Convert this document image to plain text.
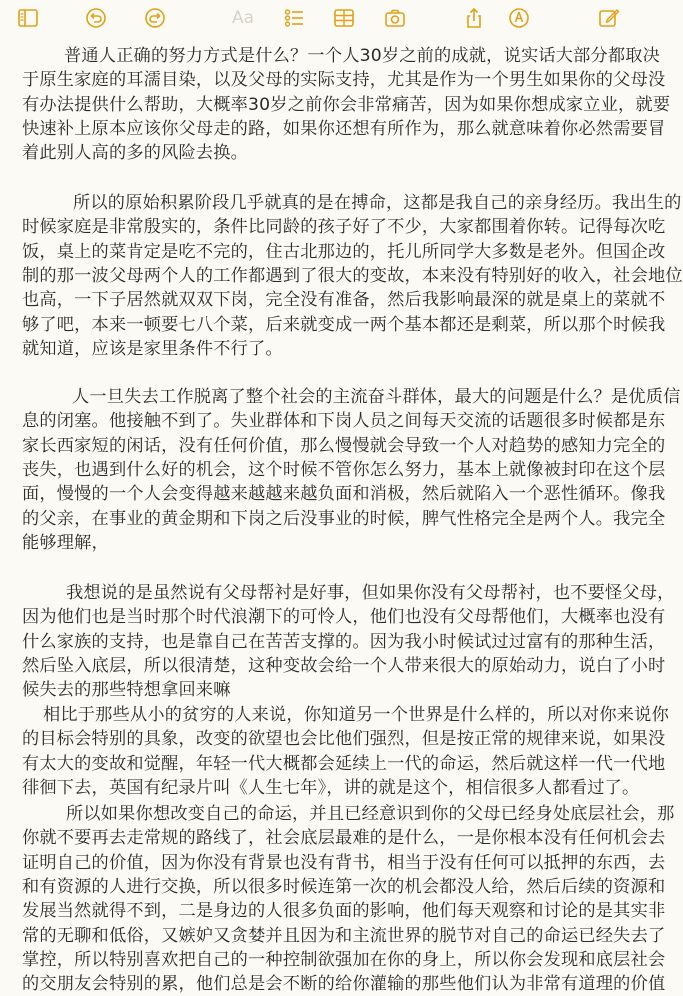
Aa
普通人正确的努力方式是什么？一个人30岁之前的成就，说实话大部分都取决
于原生家庭的耳濡目染，以及父母的实际支持，尤其是作为一个男生如果你的父母没
有办法提供什么帮助，大概率30岁之前你会非常痛苦，因为如果你想成家立业，就要
快速补上原本应该你父母走的路，如果你还想有所作为，那么就意味着你必然需要冒
着此别人高的多的风险去换。
所以的原始积累阶段几乎就真的是在搏命，这都是我自己的亲身经历。我出生的
时候家庭是非常殷实的，条件比同龄的孩子好了不少，大家都围着你转。记得每次吃
饭，桌上的菜肯定是吃不完的，住古北那边的，托儿所同学大多数是老外。但国企改
制的那一波父母两个人的工作都遇到了很大的变故，本来没有特别好的收入，社会地位
也高，一下子居然就双双下岗，完全没有准备，然后我影响最深的就是桌上的菜就不
够了吧，本来一顿要七八个菜，后来就变成一两个基本都还是剩菜，所以那个时候我
就知道，应该是家里条件不行了。
人一旦失去工作脱离了整个社会的主流奋斗群体，最大的问题是什么？是优质信
息的闭塞。他接触不到了。失业群体和下岗人员之间每天交流的话题很多时候都是东
家长西家短的闲话，没有任何价值，那么慢慢就会导致一个人对趋势的感知力完全的
丧失，也遇到什么好的机会，这个时候不管你怎么努力，基本上就像被封印在这个层
面，慢慢的一个人会变得越来越越来越负面和消极，然后就陷入一个恶性循环。像我
的父亲，在事业的黄金期和下岗之后没事业的时候，脾气性格完全是两个人。我完全
能够理解，
我想说的是虽然说有父母帮衬是好事，但如果你没有父母帮衬，也不要怪父母，
因为他们也是当时那个时代浪潮下的可怜人，他们也没有父母帮他们，大概率也没有
什么家族的支持，也是靠自己在苦苦支撑的。因为我小时候试过过富有的那种生活，
然后坠入底层，所以很清楚，这种变故会给一个人带来很大的原始动力，说白了小时
候失去的那些特想拿回来嘛
相比于那些从小的贫穷的人来说，你知道另一个世界是什么样的，所以对你来说你
的目标会特别的具象，改变的欲望也会比他们强烈，但是按正常的规律来说，如果没
有太大的变故和觉醒，年轻一代大概都会延续上一代的命运，然后就这样一代一代地
徘徊下去，英国有纪录片叫《人生七年》，讲的就是这个，相信很多人都看过了。
所以如果你想改变自己的命运，并且已经意识到你的父母已经身处底层社会，那
你就不要再去走常规的路线了，社会底层最难的是什么，一是你根本没有任何机会去
证明自己的价值，因为你没有背景也没有背书，相当于没有任何可以抵押的东西，去
和有资源的人进行交换，所以很多时候连第一次的机会都没人给，然后后续的资源和
发展当然就得不到，二是身边的人很多负面的影响，他们每天观察和讨论的是其实非
常的无聊和低俗，又嫉妒又贪婪并且因为和主流世界的脱节对自己的命运已经失去了
掌控，所以特别喜欢把自己的一种控制欲强加在你的身上，所以你会发现和底层社会
的交朋友会特别的累，他们总是会不断的给你灌输的那些他们认为非常有道理的价值
